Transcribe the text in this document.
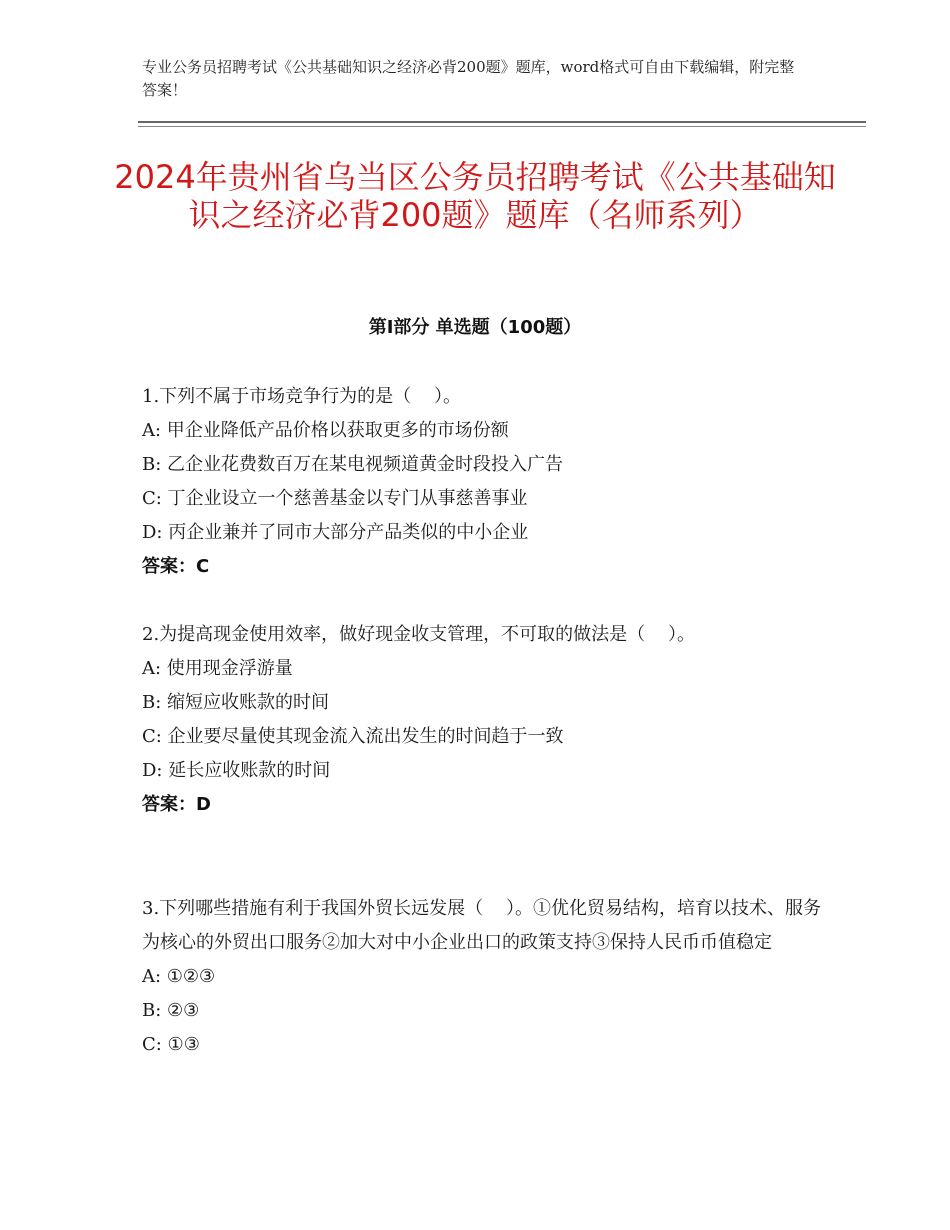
专业公务员招聘考试《公共基础知识之经济必背200题》题库，word格式可自由下载编辑，附完整答案！
2024年贵州省乌当区公务员招聘考试《公共基础知识之经济必背200题》题库（名师系列）
第Ⅰ部分 单选题（100题）
1.下列不属于市场竞争行为的是（    ）。
A: 甲企业降低产品价格以获取更多的市场份额
B: 乙企业花费数百万在某电视频道黄金时段投入广告
C: 丁企业设立一个慈善基金以专门从事慈善事业
D: 丙企业兼并了同市大部分产品类似的中小企业
答案：C
2.为提高现金使用效率，做好现金收支管理，不可取的做法是（    ）。
A: 使用现金浮游量
B: 缩短应收账款的时间
C: 企业要尽量使其现金流入流出发生的时间趋于一致
D: 延长应收账款的时间
答案：D
3.下列哪些措施有利于我国外贸长远发展（    ）。①优化贸易结构，培育以技术、服务为核心的外贸出口服务②加大对中小企业出口的政策支持③保持人民币币值稳定
A: ①②③
B: ②③
C: ①③
